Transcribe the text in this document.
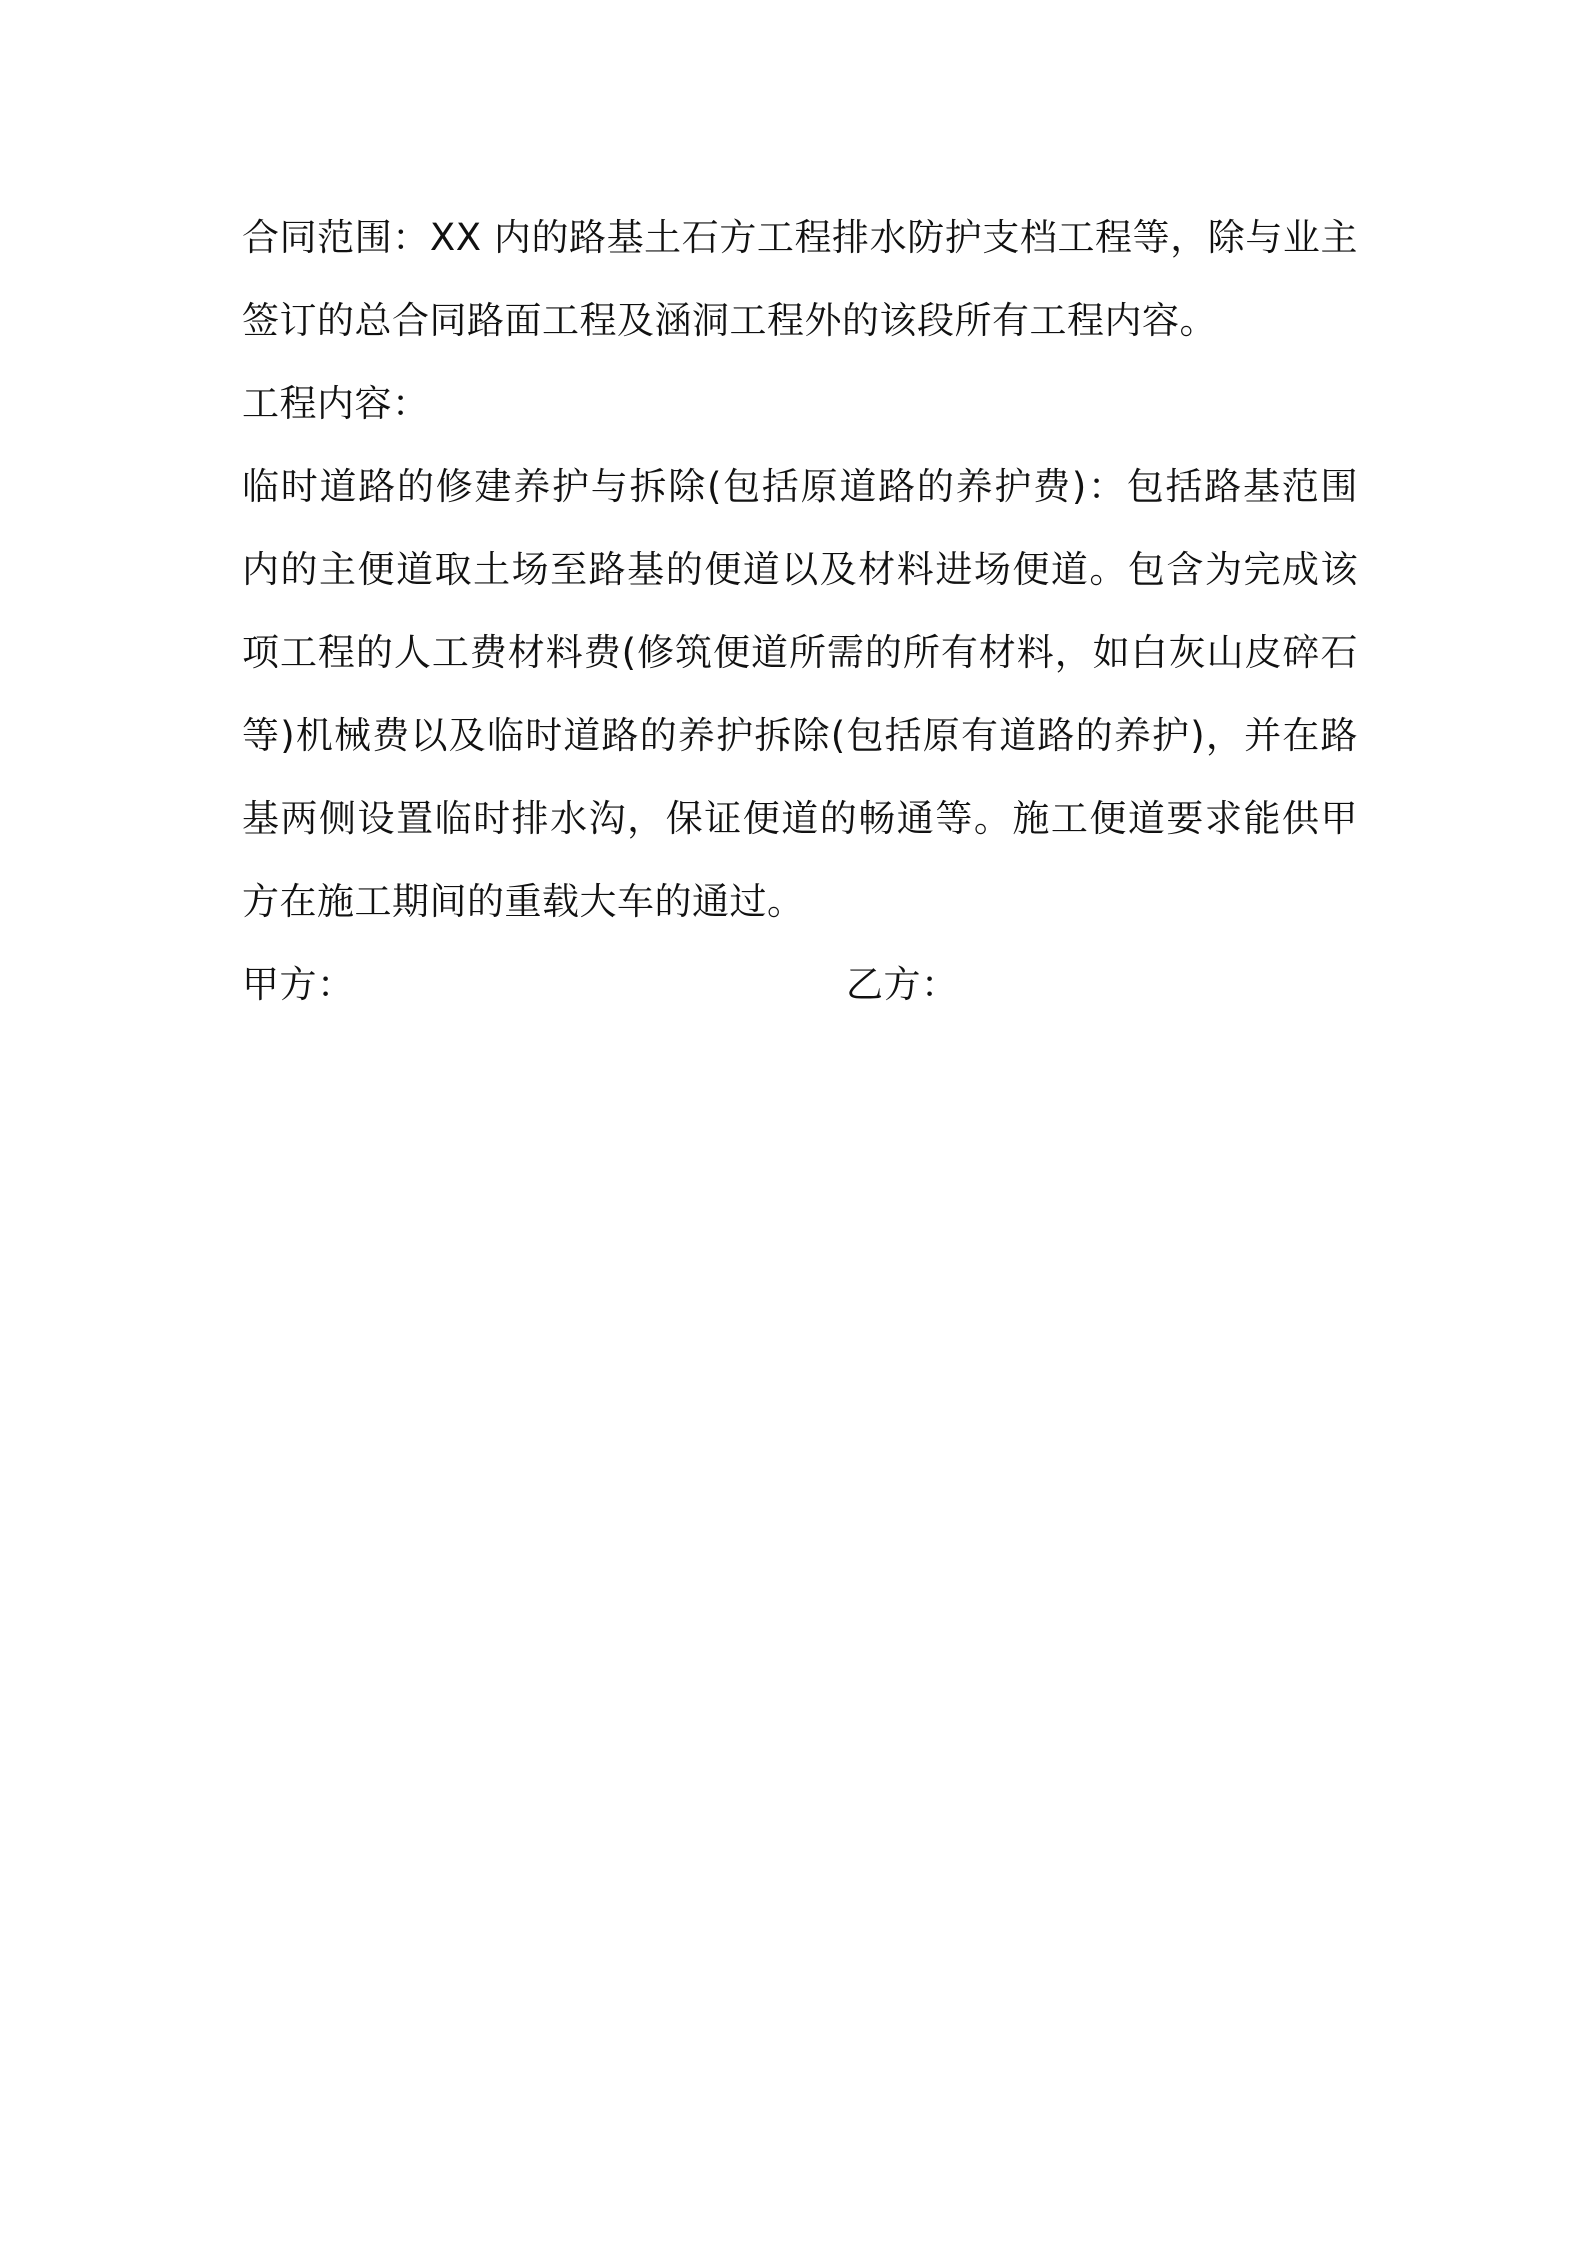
合同范围：XX 内的路基土石方工程排水防护支档工程等，除与业主签订的总合同路面工程及涵洞工程外的该段所有工程内容。

工程内容：

临时道路的修建养护与拆除(包括原道路的养护费)：包括路基范围内的主便道取土场至路基的便道以及材料进场便道。包含为完成该项工程的人工费材料费(修筑便道所需的所有材料，如白灰山皮碎石等)机械费以及临时道路的养护拆除(包括原有道路的养护)，并在路基两侧设置临时排水沟，保证便道的畅通等。施工便道要求能供甲方在施工期间的重载大车的通过。

甲方：	乙方：
